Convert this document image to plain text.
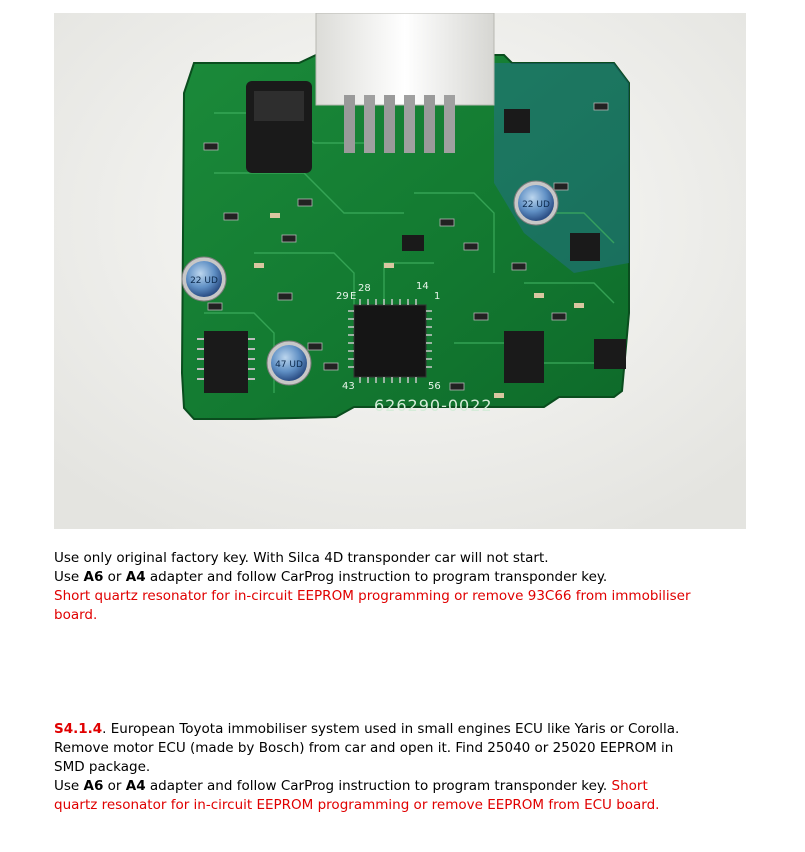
22 UD
22 UD
47 UD
29
28
43	56
1
14
E
626290-0022

Use only original factory key. With Silca 4D transponder car will not start.

Use A6 or A4 adapter and follow CarProg instruction to program transponder key.

Short quartz resonator for in-circuit EEPROM programming or remove 93C66 from immobiliser

board.

S4.1.4. European Toyota immobiliser system used in small engines ECU like Yaris or Corolla.

Remove motor ECU (made by Bosch) from car and open it. Find 25040 or 25020 EEPROM in

SMD package.

Use A6 or A4 adapter and follow CarProg instruction to program transponder key. Short

quartz resonator for in-circuit EEPROM programming or remove EEPROM from ECU board.
